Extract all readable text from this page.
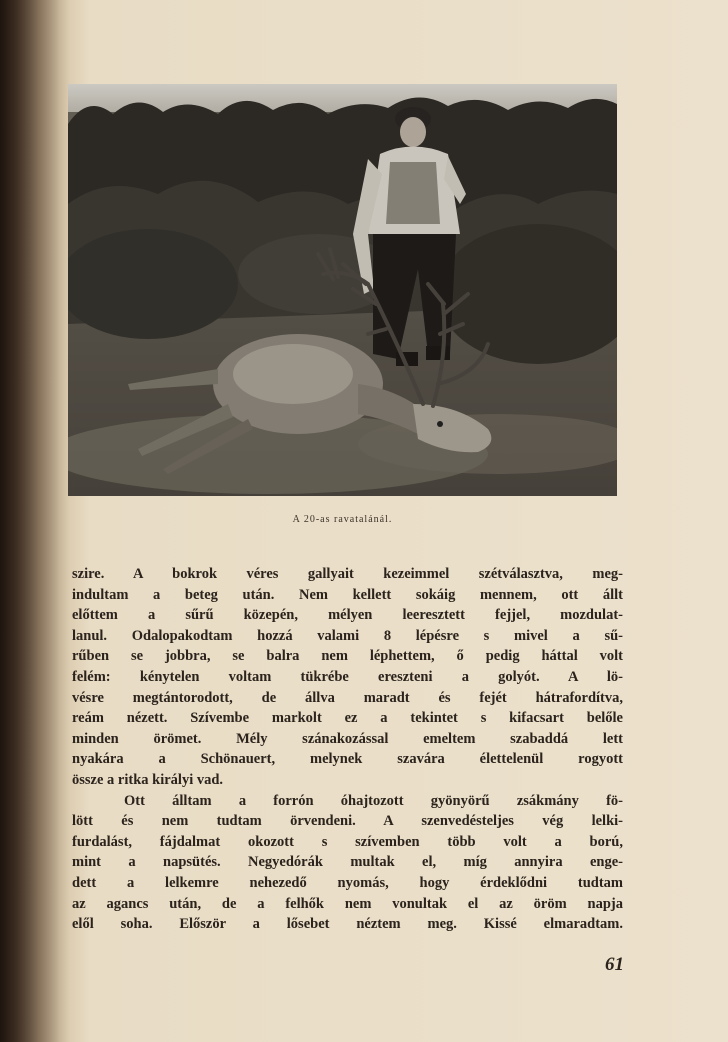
A 20-as ravatalánál.
szire. A bokrok véres gallyait kezeimmel szétválasztva, meg-
indultam a beteg után. Nem kellett sokáig mennem, ott állt
előttem a sűrű közepén, mélyen leeresztett fejjel, mozdulat-
lanul. Odalopakodtam hozzá valami 8 lépésre s mivel a sű-
rűben se jobbra, se balra nem léphettem, ő pedig háttal volt
felém: kénytelen voltam tükrébe ereszteni a golyót. A lö-
vésre megtántorodott, de állva maradt és fejét hátrafordítva,
reám nézett. Szívembe markolt ez a tekintet s kifacsart belőle
minden örömet. Mély szánakozással emeltem szabaddá lett
nyakára a Schönauert, melynek szavára élettelenül rogyott
össze a ritka királyi vad.
Ott álltam a forrón óhajtozott gyönyörű zsákmány fö-
lött és nem tudtam örvendeni. A szenvedésteljes vég lelki-
furdalást, fájdalmat okozott s szívemben több volt a ború,
mint a napsütés. Negyedórák multak el, míg annyira enge-
dett a lelkemre nehezedő nyomás, hogy érdeklődni tudtam
az agancs után, de a felhők nem vonultak el az öröm napja
elől soha. Először a lősebet néztem meg. Kissé elmaradtam.
61
